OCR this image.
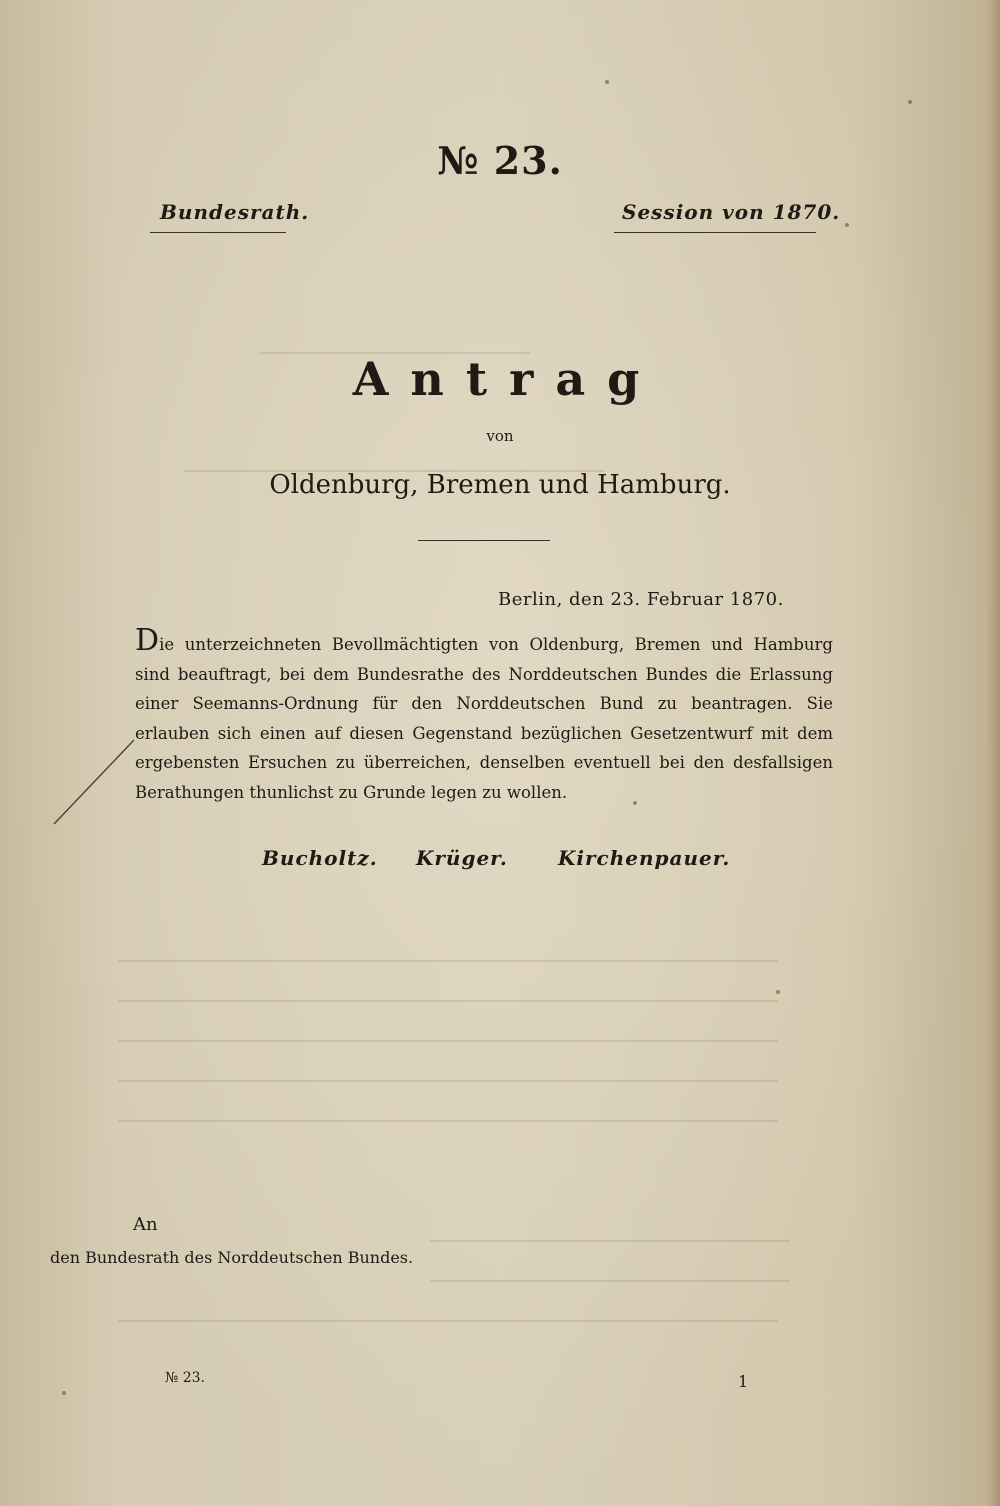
№ 23.
Bundesrath.	Session von 1870.
Antrag
von
Oldenburg, Bremen und Hamburg.
Berlin, den 23. Februar 1870.
Die unterzeichneten Bevollmächtigten von Oldenburg, Bremen und Hamburg sind beauftragt, bei dem Bundesrathe des Norddeutschen Bundes die Erlassung einer Seemanns-Ordnung für den Norddeutschen Bund zu beantragen. Sie erlauben sich einen auf diesen Gegenstand bezüglichen Gesetzentwurf mit dem ergebensten Ersuchen zu überreichen, denselben eventuell bei den desfallsigen Berathungen thunlichst zu Grunde legen zu wollen.
Bucholtz. Krüger.	Kirchenpauer.
An
den Bundesrath des Norddeutschen Bundes.
№ 23.	1
